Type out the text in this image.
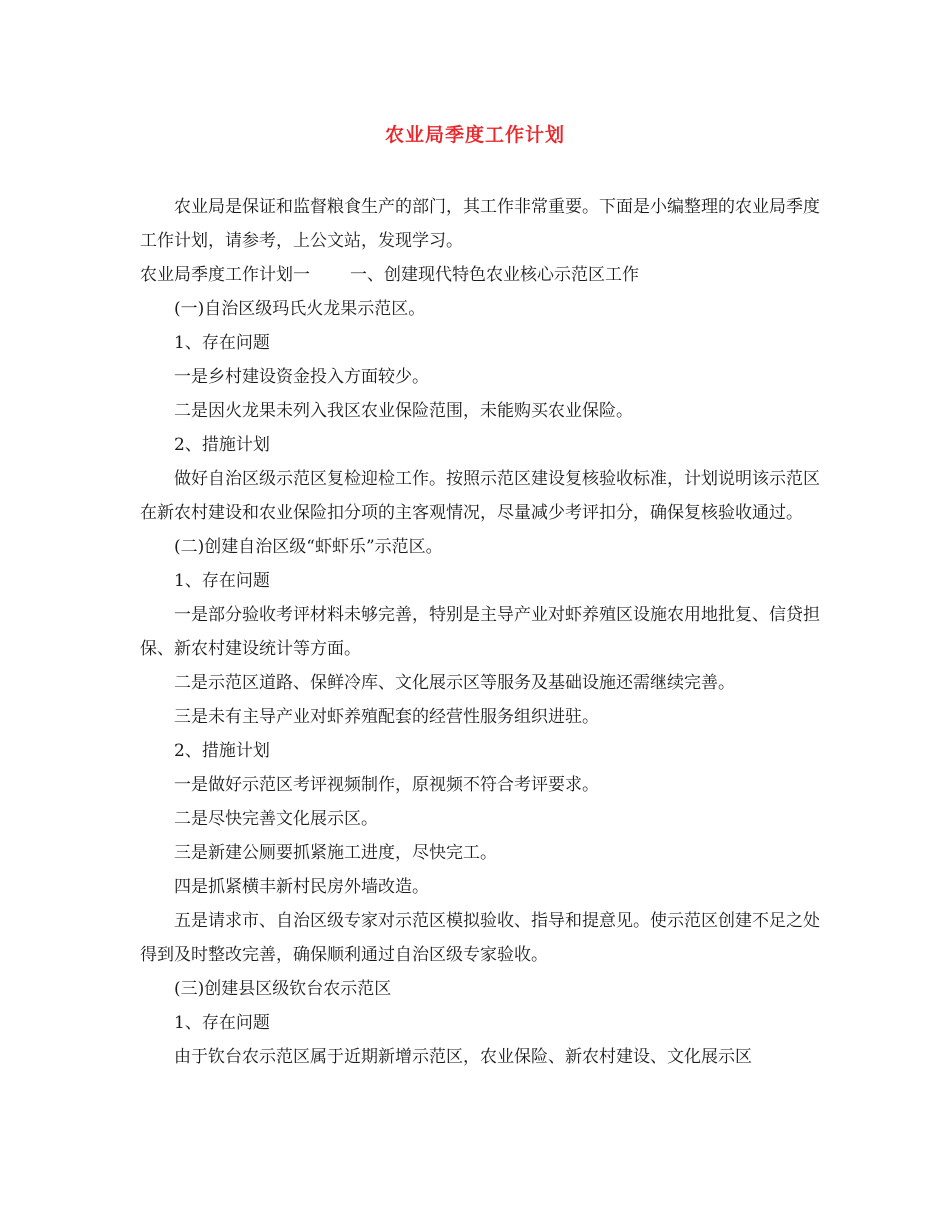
农业局季度工作计划

农业局是保证和监督粮食生产的部门，其工作非常重要。下面是小编整理的农业局季度工作计划，请参考，上公文站，发现学习。

农业局季度工作计划一 一、创建现代特色农业核心示范区工作

(一)自治区级玛氏火龙果示范区。

1、存在问题

一是乡村建设资金投入方面较少。

二是因火龙果未列入我区农业保险范围，未能购买农业保险。

2、措施计划

做好自治区级示范区复检迎检工作。按照示范区建设复核验收标准，计划说明该示范区在新农村建设和农业保险扣分项的主客观情况，尽量减少考评扣分，确保复核验收通过。

(二)创建自治区级“虾虾乐”示范区。

1、存在问题

一是部分验收考评材料未够完善，特别是主导产业对虾养殖区设施农用地批复、信贷担保、新农村建设统计等方面。

二是示范区道路、保鲜冷库、文化展示区等服务及基础设施还需继续完善。

三是未有主导产业对虾养殖配套的经营性服务组织进驻。

2、措施计划

一是做好示范区考评视频制作，原视频不符合考评要求。

二是尽快完善文化展示区。

三是新建公厕要抓紧施工进度，尽快完工。

四是抓紧横丰新村民房外墙改造。

五是请求市、自治区级专家对示范区模拟验收、指导和提意见。使示范区创建不足之处得到及时整改完善，确保顺利通过自治区级专家验收。

(三)创建县区级钦台农示范区

1、存在问题

由于钦台农示范区属于近期新增示范区，农业保险、新农村建设、文化展示区
